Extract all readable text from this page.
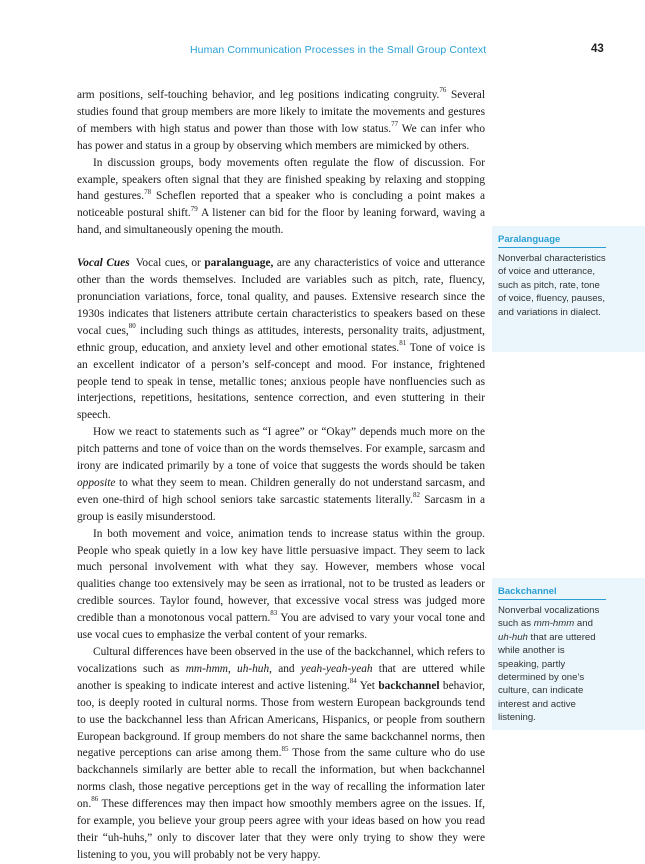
Human Communication Processes in the Small Group Context	43

arm positions, self-touching behavior, and leg positions indicating congruity.$^{76}$ Several studies found that group members are more likely to imitate the movements and gestures of members with high status and power than those with low status.$^{77}$ We can infer who has power and status in a group by observing which members are mimicked by others.

In discussion groups, body movements often regulate the flow of discussion. For example, speakers often signal that they are finished speaking by relaxing and stopping hand gestures.$^{78}$ Scheflen reported that a speaker who is concluding a point makes a noticeable postural shift.$^{79}$ A listener can bid for the floor by leaning forward, waving a hand, and simultaneously opening the mouth.

Vocal Cues Vocal cues, or paralanguage, are any characteristics of voice and utterance other than the words themselves. Included are variables such as pitch, rate, fluency, pronunciation variations, force, tonal quality, and pauses. Extensive research since the 1930s indicates that listeners attribute certain characteristics to speakers based on these vocal cues,$^{80}$ including such things as attitudes, interests, personality traits, adjustment, ethnic group, education, and anxiety level and other emotional states.$^{81}$ Tone of voice is an excellent indicator of a person’s self-concept and mood. For instance, frightened people tend to speak in tense, metallic tones; anxious people have nonfluencies such as interjections, repetitions, hesitations, sentence correction, and even stuttering in their speech.

How we react to statements such as “I agree” or “Okay” depends much more on the pitch patterns and tone of voice than on the words themselves. For example, sarcasm and irony are indicated primarily by a tone of voice that suggests the words should be taken opposite to what they seem to mean. Children generally do not understand sarcasm, and even one-third of high school seniors take sarcastic statements literally.$^{82}$ Sarcasm in a group is easily misunderstood.

In both movement and voice, animation tends to increase status within the group. People who speak quietly in a low key have little persuasive impact. They seem to lack much personal involvement with what they say. However, members whose vocal qualities change too extensively may be seen as irrational, not to be trusted as leaders or credible sources. Taylor found, however, that excessive vocal stress was judged more credible than a monotonous vocal pattern.$^{83}$ You are advised to vary your vocal tone and use vocal cues to emphasize the verbal content of your remarks.

Cultural differences have been observed in the use of the backchannel, which refers to vocalizations such as mm-hmm, uh-huh, and yeah-yeah-yeah that are uttered while another is speaking to indicate interest and active listening.$^{84}$ Yet backchannel behavior, too, is deeply rooted in cultural norms. Those from western European backgrounds tend to use the backchannel less than African Americans, Hispanics, or people from southern European background. If group members do not share the same backchannel norms, then negative perceptions can arise among them.$^{85}$ Those from the same culture who do use backchannels similarly are better able to recall the information, but when backchannel norms clash, those negative perceptions get in the way of recalling the information later on.$^{86}$ These differences may then impact how smoothly members agree on the issues. If, for example, you believe your group peers agree with your ideas based on how you read their “uh-huhs,” only to discover later that they were only trying to show they were listening to you, you will probably not be very happy.

Paralanguage
Nonverbal characteristics of voice and utterance, such as pitch, rate, tone of voice, fluency, pauses, and variations in dialect.
Backchannel
Nonverbal vocalizations such as mm-hmm and uh-huh that are uttered while another is speaking, partly determined by one’s culture, can indicate interest and active listening.
